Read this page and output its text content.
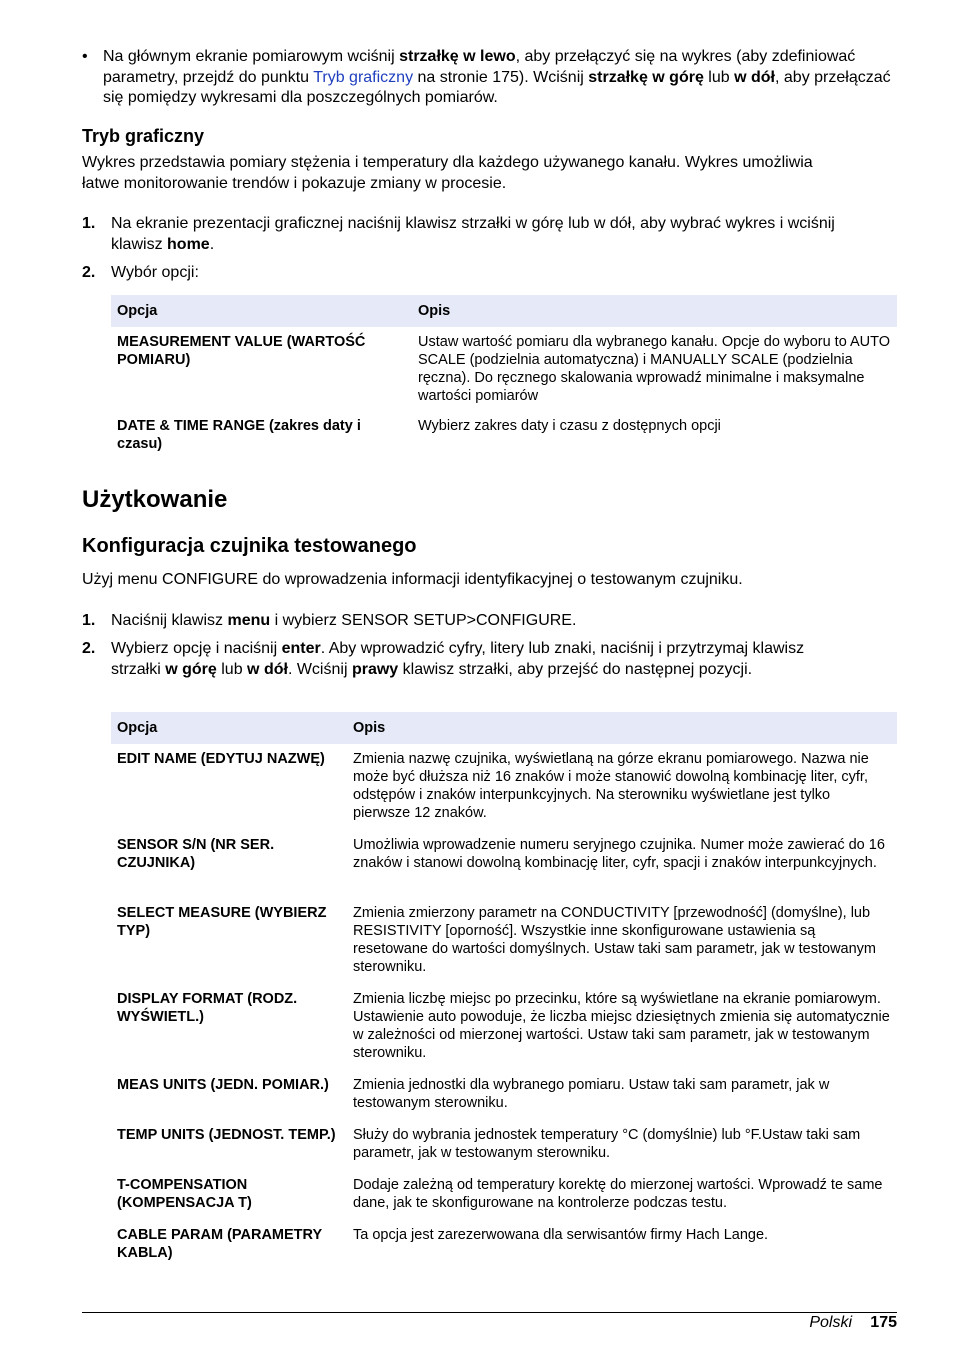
• Na głównym ekranie pomiarowym wciśnij strzałkę w lewo, aby przełączyć się na wykres (aby zdefiniować parametry, przejdź do punktu Tryb graficzny na stronie 175). Wciśnij strzałkę w górę lub w dół, aby przełączać się pomiędzy wykresami dla poszczególnych pomiarów.

Tryb graficzny

Wykres przedstawia pomiary stężenia i temperatury dla każdego używanego kanału. Wykres umożliwia łatwe monitorowanie trendów i pokazuje zmiany w procesie.

1. Na ekranie prezentacji graficznej naciśnij klawisz strzałki w górę lub w dół, aby wybrać wykres i wciśnij klawisz home.

2. Wybór opcji:

Opcja	Opis
MEASUREMENT VALUE (WARTOŚĆ POMIARU)	Ustaw wartość pomiaru dla wybranego kanału. Opcje do wyboru to AUTO SCALE (podzielnia automatyczna) i MANUALLY SCALE (podzielnia ręczna). Do ręcznego skalowania wprowadź minimalne i maksymalne wartości pomiarów
DATE & TIME RANGE (zakres daty i czasu)	Wybierz zakres daty i czasu z dostępnych opcji
Użytkowanie
Konfiguracja czujnika testowanego

Użyj menu CONFIGURE do wprowadzenia informacji identyfikacyjnej o testowanym czujniku.

1. Naciśnij klawisz menu i wybierz SENSOR SETUP>CONFIGURE.

2. Wybierz opcję i naciśnij enter. Aby wprowadzić cyfry, litery lub znaki, naciśnij i przytrzymaj klawisz strzałki w górę lub w dół. Wciśnij prawy klawisz strzałki, aby przejść do następnej pozycji.

Opcja	Opis
EDIT NAME (EDYTUJ NAZWĘ)	Zmienia nazwę czujnika, wyświetlaną na górze ekranu pomiarowego. Nazwa nie może być dłuższa niż 16 znaków i może stanowić dowolną kombinację liter, cyfr, odstępów i znaków interpunkcyjnych. Na sterowniku wyświetlane jest tylko pierwsze 12 znaków.
SENSOR S/N (NR SER. CZUJNIKA)	Umożliwia wprowadzenie numeru seryjnego czujnika. Numer może zawierać do 16 znaków i stanowi dowolną kombinację liter, cyfr, spacji i znaków interpunkcyjnych.
SELECT MEASURE (WYBIERZ TYP)	Zmienia zmierzony parametr na CONDUCTIVITY [przewodność] (domyślne), lub RESISTIVITY [oporność]. Wszystkie inne skonfigurowane ustawienia są resetowane do wartości domyślnych. Ustaw taki sam parametr, jak w testowanym sterowniku.
DISPLAY FORMAT (RODZ. WYŚWIETL.)	Zmienia liczbę miejsc po przecinku, które są wyświetlane na ekranie pomiarowym. Ustawienie auto powoduje, że liczba miejsc dziesiętnych zmienia się automatycznie w zależności od mierzonej wartości. Ustaw taki sam parametr, jak w testowanym sterowniku.
MEAS UNITS (JEDN. POMIAR.)	Zmienia jednostki dla wybranego pomiaru. Ustaw taki sam parametr, jak w testowanym sterowniku.
TEMP UNITS (JEDNOST. TEMP.)	Służy do wybrania jednostek temperatury °C (domyślnie) lub °F.Ustaw taki sam parametr, jak w testowanym sterowniku.
T-COMPENSATION (KOMPENSACJA T)	Dodaje zależną od temperatury korektę do mierzonej wartości. Wprowadź te same dane, jak te skonfigurowane na kontrolerze podczas testu.
CABLE PARAM (PARAMETRY KABLA)	Ta opcja jest zarezerwowana dla serwisantów firmy Hach Lange.
Polski 175
